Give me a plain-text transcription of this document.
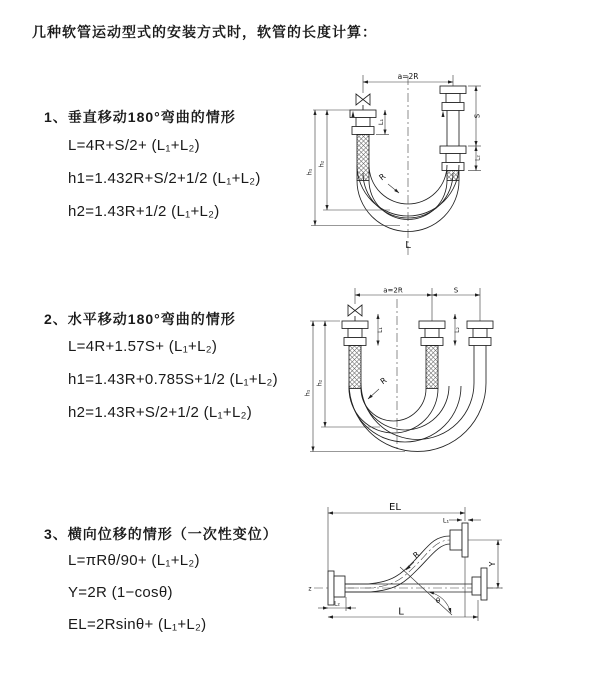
几种软管运动型式的安装方式时，软管的长度计算：
1、垂直移动180°弯曲的情形
L=4R+S/2+ (L₁+L₂)
h1=1.432R+S/2+1/2 (L₁+L₂)
h2=1.43R+1/2 (L₁+L₂)
2、水平移动180°弯曲的情形
L=4R+1.57S+ (L₁+L₂)
h1=1.43R+0.785S+1/2 (L₁+L₂)
h2=1.43R+S/2+1/2 (L₁+L₂)
3、横向位移的情形（一次性变位）
L=πRθ/90+ (L₁+L₂)
Y=2R (1−cosθ)
EL=2Rsinθ+ (L₁+L₂)
a=2R
L₁
S
L₂
h₁
h₂
R
L
a=2R	S
L₁	L₂
h₁
h₂	R
z
EL
L₁
Y
θ
R
L₂
L
